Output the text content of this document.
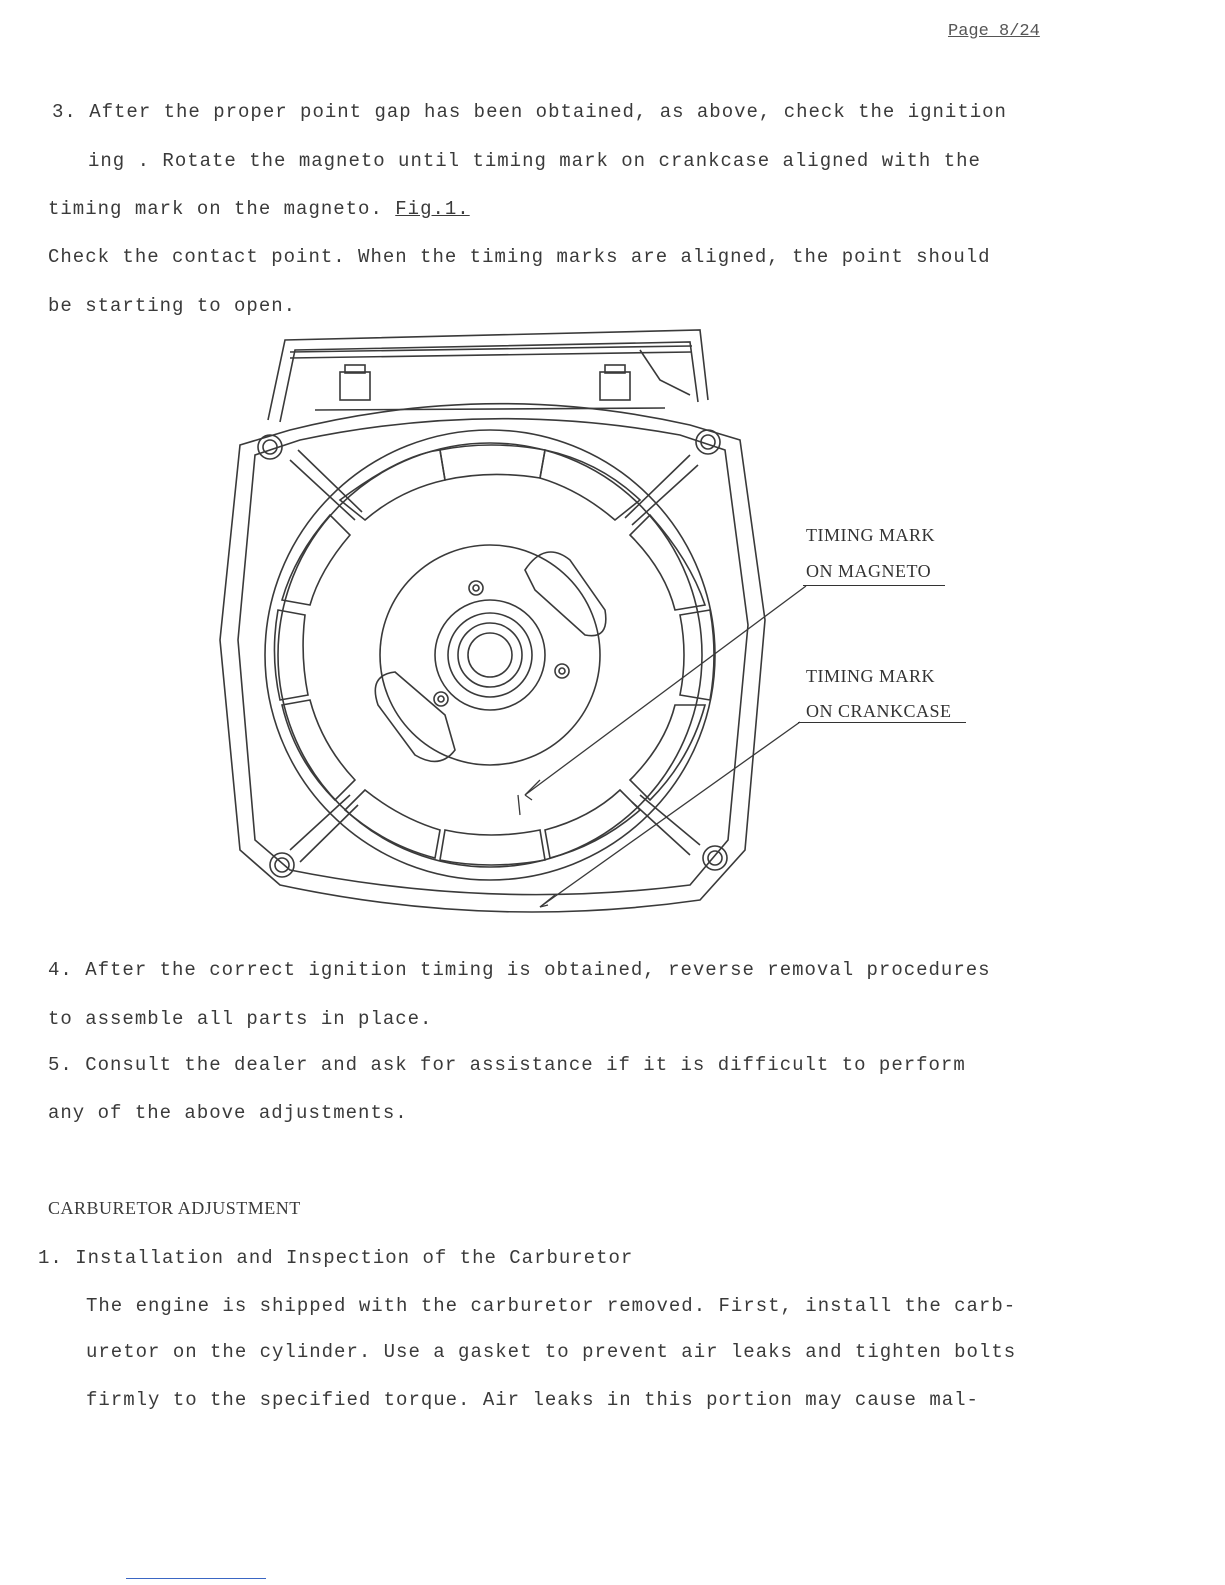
Page 8/24
3. After the proper point gap has been obtained, as above, check the ignition
ing . Rotate the magneto until timing mark on crankcase aligned with the
timing mark on the magneto. Fig.1.
Check the contact point. When the timing marks are aligned, the point should
be starting to open.
TIMING MARK
ON MAGNETO
TIMING MARK
ON CRANKCASE
4. After the correct ignition timing is obtained, reverse removal procedures
to assemble all parts in place.
5. Consult the dealer and ask for assistance if it is difficult to perform
any of the above adjustments.
CARBURETOR ADJUSTMENT
1. Installation and Inspection of the Carburetor
The engine is shipped with the carburetor removed. First, install the carb-
uretor on the cylinder. Use a gasket to prevent air leaks and tighten bolts
firmly to the specified torque. Air leaks in this portion may cause mal-
